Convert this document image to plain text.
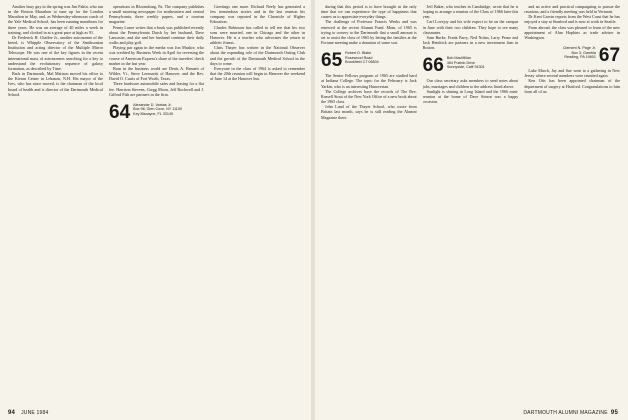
Another busy guy in the spring was Jim Pakin, who ran in the Boston Marathon to tune up for the London Marathon in May, and, as Wednesday-afternoon coach of the Yale Medical School, has been running marathons for three years. He was an average of 40 miles a week in training, and clocked in at a great pace at high as 91.

Dr Frederick H. Chaffee Jr., another astronomer of the breed, is Whipple Observatory of the Smithsonian Institution and acting director of the Multiple Mirror Telescope. He was one of the key figures in the recent international mass of astronomers searching for a key to understand the evolutionary sequence of galaxy formation, as described by Time.

Back in Dartmouth, Mal Mattson moved his office to the Kieran Center in Lebanon, N.H. His mayor of the Ives, who has since moved, is the chairman of the local board of health and is director of the Dartmouth Medical School.

operations in Bloomsburg, Pa. The company publishes a small morning newspaper for northeastern and central Pennsylvania, three weekly papers, and a tourism magazine.

Penny Lance writes that a book was published recently about the Pennsylvania Dutch by her husband, Dave Lancaster, and she and her husband continue their daily walks and play golf.

Playing par again in the media was Jon Muskie, who was credited by Business Week in April for reversing the course of American Express's share of the travelers' check market in the last year.

Born in the business world are Denis A. Bennett of Wilder, Vt., Steve Lorenzetti of Hanover, and the Rev. David O. Curtis of Fort Worth, Texas.

Three hardware automobile sales and leasing for a flat fee. Harrison Stevens, Gregg Moon, Jeff Rockwell and J. Gifford Fish are partners in the firm.

64 Alexander D. Varkas Jr.
Box 98, Glen Cove, NY 11100
Key Biscayne, FL 33149

Greetings one more. Richard Neely has generated a few tremendous stories and in the last reunion his company was reported in the Chronicle of Higher Education.

Charles Robinson has called to tell me that his two sons were married, one in Chicago and the other in Hanover. He is a teacher who advocates the return to athletic fitness.

Chris Thayer has written in the National Observer about the expanding role of the Dartmouth Outing Club and the growth of the Dartmouth Medical School in the days to come.

Everyone in the class of 1964 is asked to remember that the 20th reunion will begin in Hanover the weekend of June 14 at the Hanover Inn.

94 JUNE 1984

during that this period is to have brought in the only time that we can experience the type of happiness that causes us to appreciate everyday things.

The challenge of Professor Francis Weeks and was renewed at the recent Alumni Fund. Mom, of 1965 is trying to convey to the Dartmouth that a small amount is set to assist the class of 1965 by letting the families at the Fortune meeting make a donation of some sort.

65 Robert D. Blake
Rosewood Road
Brookfield CT 06804

The Senior Fellows program of 1965 are studied hard at Indiana College. The topic for the February is Jack Yarkin, who is an interesting Hanoverian.

The College archives have the records of The Rev. Russell Stout of the New York Office of a new book about the 1965 class.

John Lund of the Thayer School, who wrote from Britain last month, says he is still reading the Alumni Magazine there.

Jeff Baker, who teaches in Cambridge, wrote that he is hoping to arrange a reunion of the Class of 1966 later this year.

Carl Lovejoy and his wife expect to be on the campus in June with their two children. They hope to see many classmates.

Sam Burke, Frank Parry, Ned Nolan, Larry Pease and Jack Hendrick are partners in a new investment firm in Boston.

66 Bob MacMillan
364 Pueblo Drive
Sunnyside, Calif 94301

Our class secretary asks members to send notes about jobs, marriages and children to the address listed above.

Sunlight is shining in Long Island and the 1966 mini-reunion at the home of Dave Simon was a happy occasion.

and an active and practical campaigning to pursue the reunions, and a friendly meeting was held in Vermont.

Dr Kent Garvin reports from the West Coast that he has enjoyed a stay at Stanford and is now at work in Seattle.

From abroad, the class was pleased to learn of the new appointment of Alan Hopkins as trade adviser in Washington.

Clement N. Page Jr.
Box 3, Gambia
Reading, PA 19601 67

Luke March, Jay and Sue went to a gathering in New Jersey where several members were reunited again.

Ken Otis has been appointed chairman of the department of surgery at Hartford. Congratulations to him from all of us.

DARTMOUTH ALUMNI MAGAZINE 95
